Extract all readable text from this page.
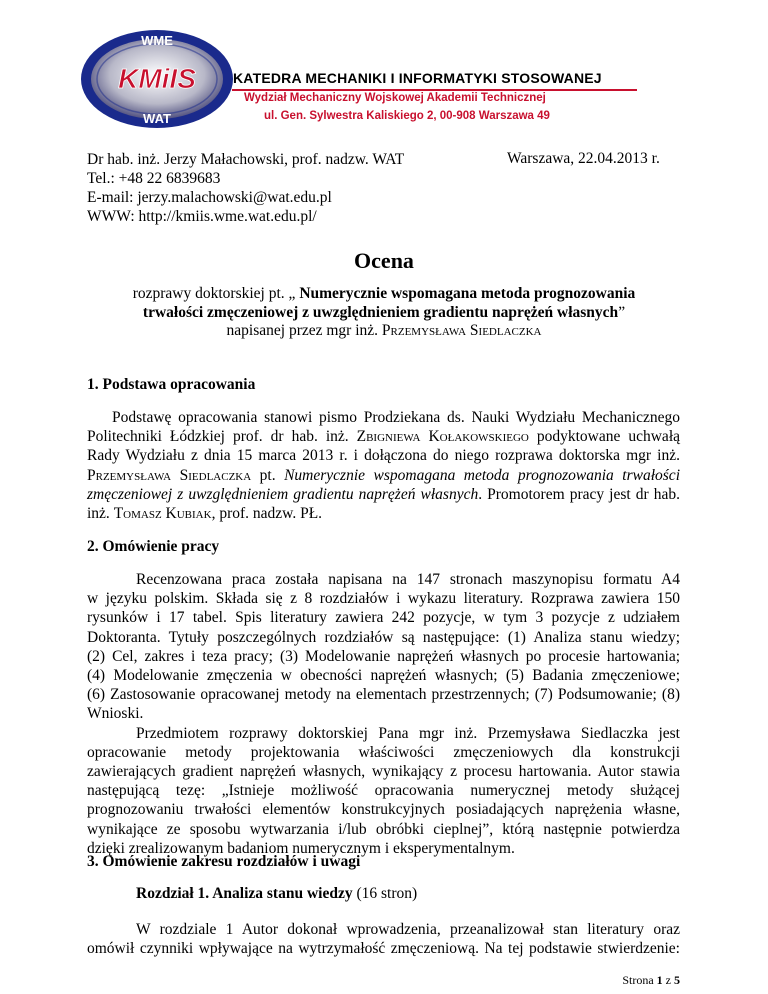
WME
KMiIS
WAT
KATEDRA MECHANIKI I INFORMATYKI STOSOWANEJ
Wydział Mechaniczny Wojskowej Akademii Technicznej
ul. Gen. Sylwestra Kaliskiego 2, 00-908 Warszawa 49
Dr hab. inż. Jerzy Małachowski, prof. nadzw. WAT
Tel.: +48 22 6839683
E-mail: jerzy.malachowski@wat.edu.pl
WWW: http://kmiis.wme.wat.edu.pl/
Warszawa, 22.04.2013 r.
Ocena
rozprawy doktorskiej pt. „ Numerycznie wspomagana metoda prognozowania
trwałości zmęczeniowej z uwzględnieniem gradientu naprężeń własnych”
napisanej przez mgr inż. Przemysława Siedlaczka
1. Podstawa opracowania
Podstawę opracowania stanowi pismo Prodziekana ds. Nauki Wydziału Mechanicznego
Politechniki Łódzkiej prof. dr hab. inż. Zbigniewa Kołakowskiego podyktowane uchwałą
Rady Wydziału z dnia 15 marca 2013 r. i dołączona do niego rozprawa doktorska mgr inż.
Przemysława Siedlaczka pt. Numerycznie wspomagana metoda prognozowania trwałości
zmęczeniowej z uwzględnieniem gradientu naprężeń własnych. Promotorem pracy jest dr hab.
inż. Tomasz Kubiak, prof. nadzw. PŁ.
2. Omówienie pracy
Recenzowana praca została napisana na 147 stronach maszynopisu formatu A4
w języku polskim. Składa się z 8 rozdziałów i wykazu literatury. Rozprawa zawiera 150
rysunków i 17 tabel. Spis literatury zawiera 242 pozycje, w tym 3 pozycje z udziałem
Doktoranta. Tytuły poszczególnych rozdziałów są następujące: (1) Analiza stanu wiedzy;
(2) Cel, zakres i teza pracy; (3) Modelowanie naprężeń własnych po procesie hartowania;
(4) Modelowanie zmęczenia w obecności naprężeń własnych; (5) Badania zmęczeniowe;
(6) Zastosowanie opracowanej metody na elementach przestrzennych; (7) Podsumowanie; (8)
Wnioski.
Przedmiotem rozprawy doktorskiej Pana mgr inż. Przemysława Siedlaczka jest
opracowanie metody projektowania właściwości zmęczeniowych dla konstrukcji
zawierających gradient naprężeń własnych, wynikający z procesu hartowania. Autor stawia
następującą tezę: „Istnieje możliwość opracowania numerycznej metody służącej
prognozowaniu trwałości elementów konstrukcyjnych posiadających naprężenia własne,
wynikające ze sposobu wytwarzania i/lub obróbki cieplnej”, którą następnie potwierdza
dzięki zrealizowanym badaniom numerycznym i eksperymentalnym.
3. Omówienie zakresu rozdziałów i uwagi
Rozdział 1. Analiza stanu wiedzy (16 stron)
W rozdziale 1 Autor dokonał wprowadzenia, przeanalizował stan literatury oraz
omówił czynniki wpływające na wytrzymałość zmęczeniową. Na tej podstawie stwierdzenie:
Strona 1 z 5
